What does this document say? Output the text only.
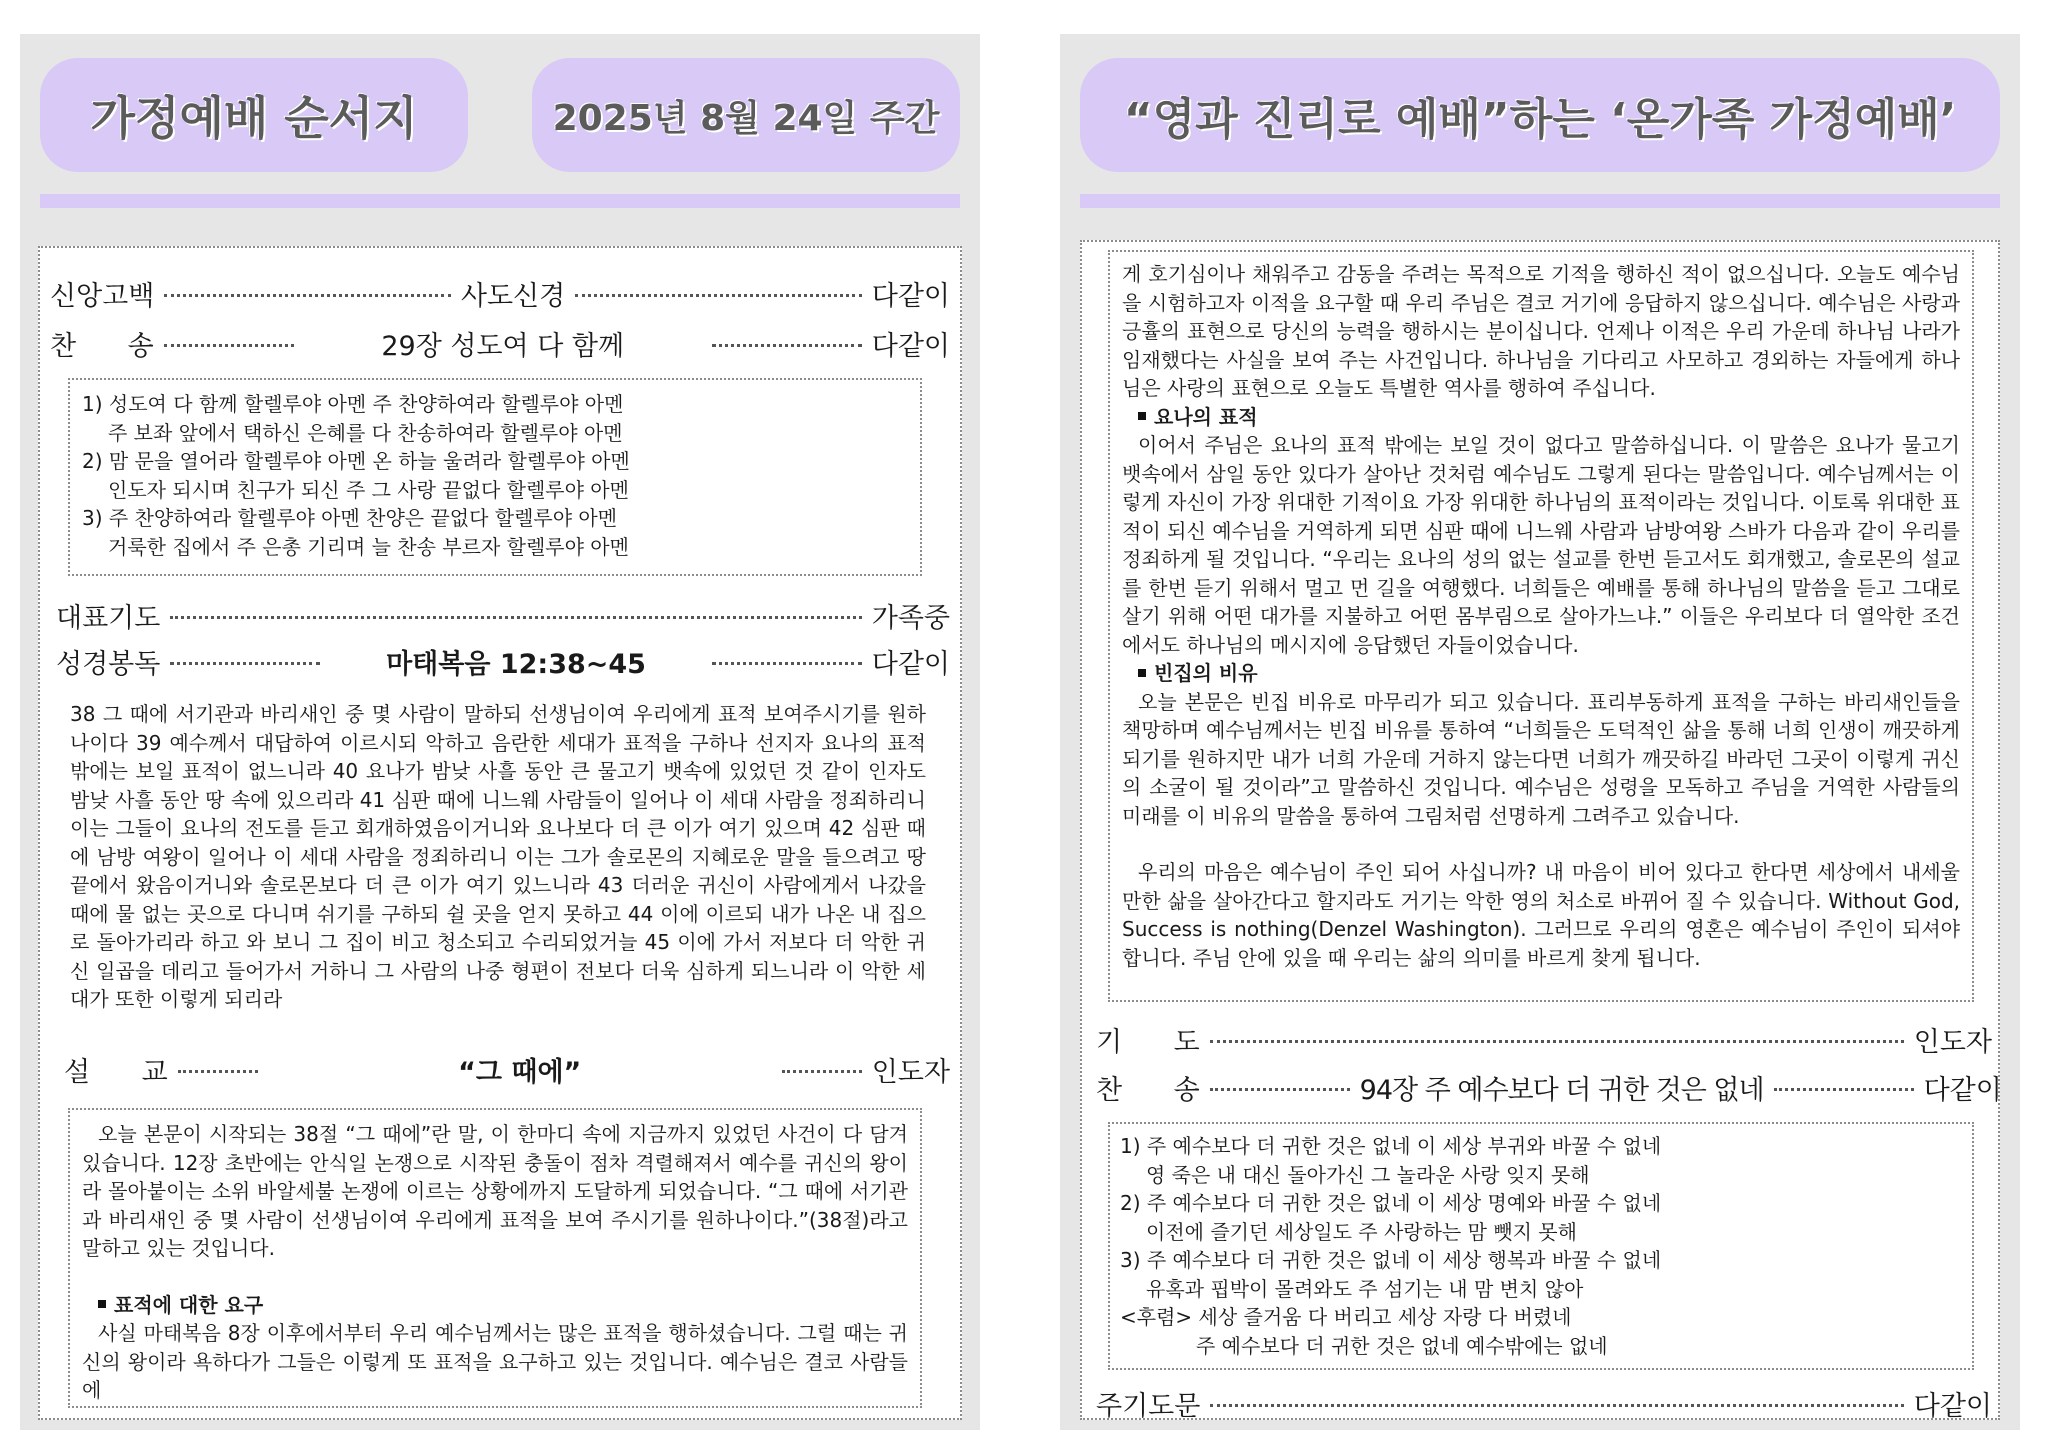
가정예배 순서지	2025년 8월 24일 주간
신앙고백	사도신경	다같이
찬      송	29장 성도여 다 함께	다같이
1) 성도여 다 함께 할렐루야 아멘 주 찬양하여라 할렐루야 아멘
주 보좌 앞에서 택하신 은혜를 다 찬송하여라 할렐루야 아멘
2) 맘 문을 열어라 할렐루야 아멘 온 하늘 울려라 할렐루야 아멘
인도자 되시며 친구가 되신 주 그 사랑 끝없다 할렐루야 아멘
3) 주 찬양하여라 할렐루야 아멘 찬양은 끝없다 할렐루야 아멘
거룩한 집에서 주 은총 기리며 늘 찬송 부르자 할렐루야 아멘
대표기도	가족중
성경봉독	마태복음 12:38~45	다같이
38 그 때에 서기관과 바리새인 중 몇 사람이 말하되 선생님이여 우리에게 표적 보여주시기를 원하나이다 39 예수께서 대답하여 이르시되 악하고 음란한 세대가 표적을 구하나 선지자 요나의 표적 밖에는 보일 표적이 없느니라 40 요나가 밤낮 사흘 동안 큰 물고기 뱃속에 있었던 것 같이 인자도 밤낮 사흘 동안 땅 속에 있으리라 41 심판 때에 니느웨 사람들이 일어나 이 세대 사람을 정죄하리니 이는 그들이 요나의 전도를 듣고 회개하였음이거니와 요나보다 더 큰 이가 여기 있으며 42 심판 때에 남방 여왕이 일어나 이 세대 사람을 정죄하리니 이는 그가 솔로몬의 지혜로운 말을 들으려고 땅 끝에서 왔음이거니와 솔로몬보다 더 큰 이가 여기 있느니라 43 더러운 귀신이 사람에게서 나갔을 때에 물 없는 곳으로 다니며 쉬기를 구하되 쉴 곳을 얻지 못하고 44 이에 이르되 내가 나온 내 집으로 돌아가리라 하고 와 보니 그 집이 비고 청소되고 수리되었거늘 45 이에 가서 저보다 더 악한 귀신 일곱을 데리고 들어가서 거하니 그 사람의 나중 형편이 전보다 더욱 심하게 되느니라 이 악한 세대가 또한 이렇게 되리라
설      교	“그 때에”	인도자
오늘 본문이 시작되는 38절 “그 때에”란 말, 이 한마디 속에 지금까지 있었던 사건이 다 담겨 있습니다. 12장 초반에는 안식일 논쟁으로 시작된 충돌이 점차 격렬해져서 예수를 귀신의 왕이라 몰아붙이는 소위 바알세불 논쟁에 이르는 상황에까지 도달하게 되었습니다. “그 때에 서기관과 바리새인 중 몇 사람이 선생님이여 우리에게 표적을 보여 주시기를 원하나이다.”(38절)라고 말하고 있는 것입니다.
표적에 대한 요구
사실 마태복음 8장 이후에서부터 우리 예수님께서는 많은 표적을 행하셨습니다. 그럴 때는 귀신의 왕이라 욕하다가 그들은 이렇게 또 표적을 요구하고 있는 것입니다. 예수님은 결코 사람들에
“영과 진리로 예배”하는 ‘온가족 가정예배’
게 호기심이나 채워주고 감동을 주려는 목적으로 기적을 행하신 적이 없으십니다. 오늘도 예수님을 시험하고자 이적을 요구할 때 우리 주님은 결코 거기에 응답하지 않으십니다. 예수님은 사랑과 긍휼의 표현으로 당신의 능력을 행하시는 분이십니다. 언제나 이적은 우리 가운데 하나님 나라가 임재했다는 사실을 보여 주는 사건입니다. 하나님을 기다리고 사모하고 경외하는 자들에게 하나님은 사랑의 표현으로 오늘도 특별한 역사를 행하여 주십니다.
요나의 표적
이어서 주님은 요나의 표적 밖에는 보일 것이 없다고 말씀하십니다. 이 말씀은 요나가 물고기 뱃속에서 삼일 동안 있다가 살아난 것처럼 예수님도 그렇게 된다는 말씀입니다. 예수님께서는 이렇게 자신이 가장 위대한 기적이요 가장 위대한 하나님의 표적이라는 것입니다. 이토록 위대한 표적이 되신 예수님을 거역하게 되면 심판 때에 니느웨 사람과 남방여왕 스바가 다음과 같이 우리를 정죄하게 될 것입니다. “우리는 요나의 성의 없는 설교를 한번 듣고서도 회개했고, 솔로몬의 설교를 한번 듣기 위해서 멀고 먼 길을 여행했다. 너희들은 예배를 통해 하나님의 말씀을 듣고 그대로 살기 위해 어떤 대가를 지불하고 어떤 몸부림으로 살아가느냐.” 이들은 우리보다 더 열악한 조건에서도 하나님의 메시지에 응답했던 자들이었습니다.
빈집의 비유
오늘 본문은 빈집 비유로 마무리가 되고 있습니다. 표리부동하게 표적을 구하는 바리새인들을 책망하며 예수님께서는 빈집 비유를 통하여 “너희들은 도덕적인 삶을 통해 너희 인생이 깨끗하게 되기를 원하지만 내가 너희 가운데 거하지 않는다면 너희가 깨끗하길 바라던 그곳이 이렇게 귀신의 소굴이 될 것이라”고 말씀하신 것입니다. 예수님은 성령을 모독하고 주님을 거역한 사람들의 미래를 이 비유의 말씀을 통하여 그림처럼 선명하게 그려주고 있습니다.
우리의 마음은 예수님이 주인 되어 사십니까? 내 마음이 비어 있다고 한다면 세상에서 내세울 만한 삶을 살아간다고 할지라도 거기는 악한 영의 처소로 바뀌어 질 수 있습니다. Without God, Success is nothing(Denzel Washington). 그러므로 우리의 영혼은 예수님이 주인이 되셔야 합니다. 주님 안에 있을 때 우리는 삶의 의미를 바르게 찾게 됩니다.
기      도	인도자
찬      송	94장 주 예수보다 더 귀한 것은 없네	다같이
1) 주 예수보다 더 귀한 것은 없네 이 세상 부귀와 바꿀 수 없네
영 죽은 내 대신 돌아가신 그 놀라운 사랑 잊지 못해
2) 주 예수보다 더 귀한 것은 없네 이 세상 명예와 바꿀 수 없네
이전에 즐기던 세상일도 주 사랑하는 맘 뺏지 못해
3) 주 예수보다 더 귀한 것은 없네 이 세상 행복과 바꿀 수 없네
유혹과 핍박이 몰려와도 주 섬기는 내 맘 변치 않아
<후렴> 세상 즐거움 다 버리고 세상 자랑 다 버렸네
주 예수보다 더 귀한 것은 없네 예수밖에는 없네
주기도문	다같이
